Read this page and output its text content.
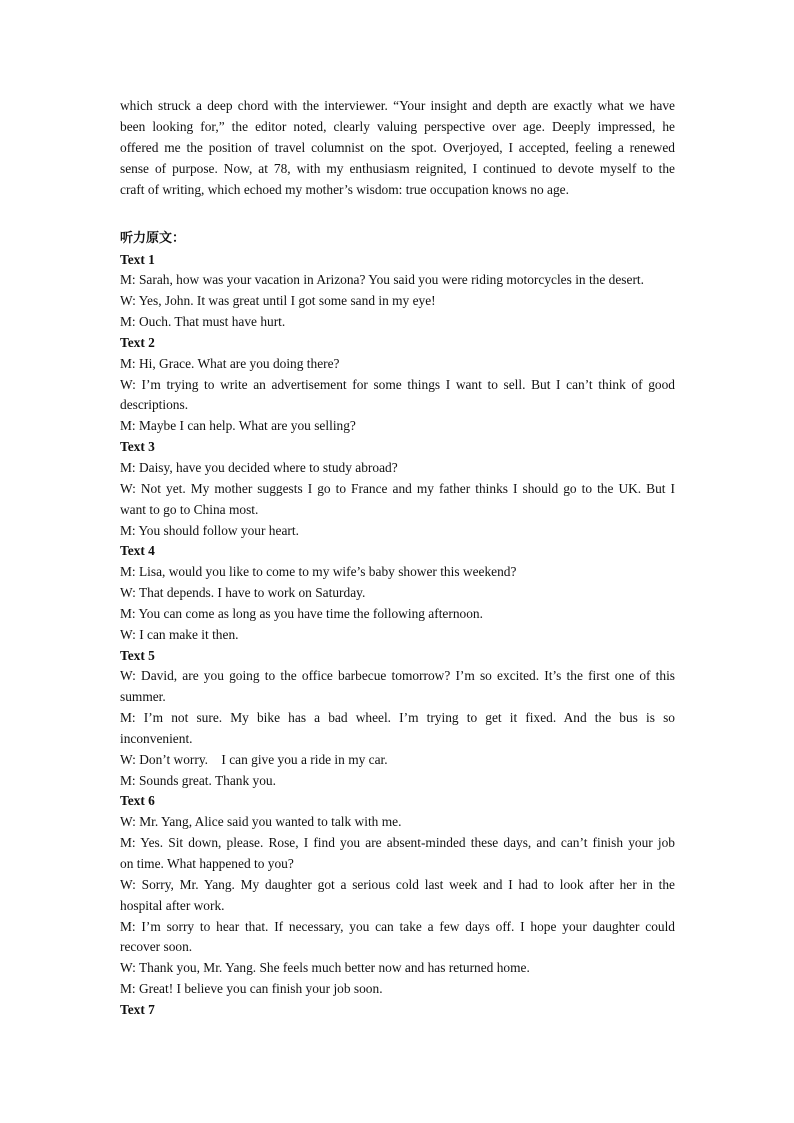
which struck a deep chord with the interviewer. “Your insight and depth are exactly what we have
been looking for,” the editor noted, clearly valuing perspective over age. Deeply impressed, he
offered me the position of travel columnist on the spot. Overjoyed, I accepted, feeling a renewed
sense of purpose. Now, at 78, with my enthusiasm reignited, I continued to devote myself to the
craft of writing, which echoed my mother’s wisdom: true occupation knows no age.
听力原文：
Text 1
M: Sarah, how was your vacation in Arizona? You said you were riding motorcycles in the desert.
W: Yes, John. It was great until I got some sand in my eye!
M: Ouch. That must have hurt.
Text 2
M: Hi, Grace. What are you doing there?
W: I’m trying to write an advertisement for some things I want to sell. But I can’t think of good
descriptions.
M: Maybe I can help. What are you selling?
Text 3
M: Daisy, have you decided where to study abroad?
W: Not yet. My mother suggests I go to France and my father thinks I should go to the UK. But I
want to go to China most.
M: You should follow your heart.
Text 4
M: Lisa, would you like to come to my wife’s baby shower this weekend?
W: That depends. I have to work on Saturday.
M: You can come as long as you have time the following afternoon.
W: I can make it then.
Text 5
W: David, are you going to the office barbecue tomorrow? I’m so excited. It’s the first one of this
summer.
M: I’m not sure. My bike has a bad wheel. I’m trying to get it fixed. And the bus is so
inconvenient.
W: Don’t worry.　I can give you a ride in my car.
M: Sounds great. Thank you.
Text 6
W: Mr. Yang, Alice said you wanted to talk with me.
M: Yes. Sit down, please. Rose, I find you are absent-minded these days, and can’t finish your job
on time. What happened to you?
W: Sorry, Mr. Yang. My daughter got a serious cold last week and I had to look after her in the
hospital after work.
M: I’m sorry to hear that. If necessary, you can take a few days off. I hope your daughter could
recover soon.
W: Thank you, Mr. Yang. She feels much better now and has returned home.
M: Great! I believe you can finish your job soon.
Text 7
